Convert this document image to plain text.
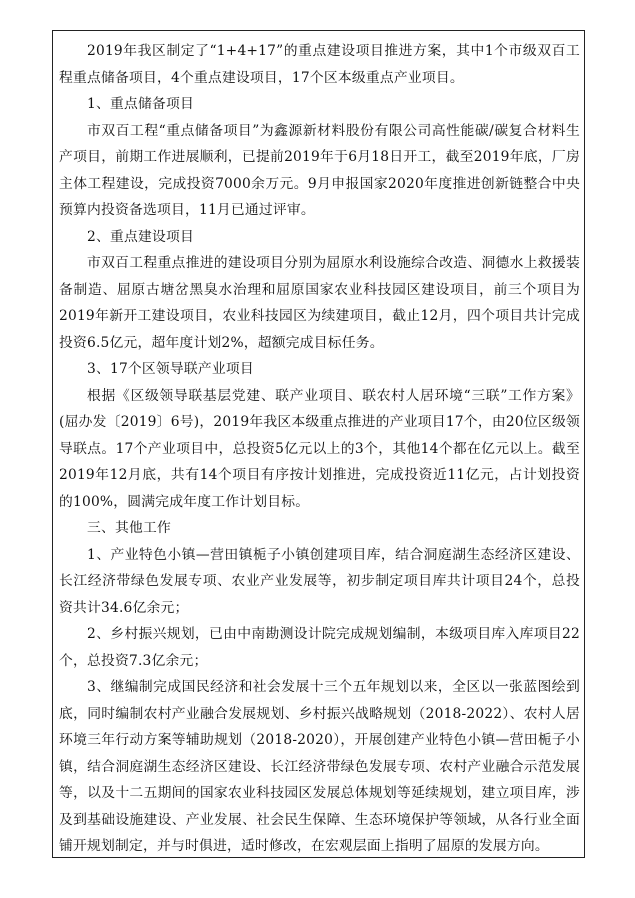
2019年我区制定了“1+4+17”的重点建设项目推进方案，其中1个市级双百工程重点储备项目，4个重点建设项目，17个区本级重点产业项目。

1、重点储备项目

市双百工程“重点储备项目”为鑫源新材料股份有限公司高性能碳/碳复合材料生产项目，前期工作进展顺利，已提前2019年于6月18日开工，截至2019年底，厂房主体工程建设，完成投资7000余万元。9月申报国家2020年度推进创新链整合中央预算内投资备选项目，11月已通过评审。

2、重点建设项目

市双百工程重点推进的建设项目分别为屈原水利设施综合改造、洞德水上救援装备制造、屈原古塘岔黑臭水治理和屈原国家农业科技园区建设项目，前三个项目为2019年新开工建设项目，农业科技园区为续建项目，截止12月，四个项目共计完成投资6.5亿元，超年度计划2%，超额完成目标任务。

3、17个区领导联产业项目

根据《区级领导联基层党建、联产业项目、联农村人居环境“三联”工作方案》(屈办发〔2019〕6号)，2019年我区本级重点推进的产业项目17个，由20位区级领导联点。17个产业项目中，总投资5亿元以上的3个，其他14个都在亿元以上。截至2019年12月底，共有14个项目有序按计划推进，完成投资近11亿元，占计划投资的100%，圆满完成年度工作计划目标。

三、其他工作

1、产业特色小镇—营田镇栀子小镇创建项目库，结合洞庭湖生态经济区建设、长江经济带绿色发展专项、农业产业发展等，初步制定项目库共计项目24个，总投资共计34.6亿余元；

2、乡村振兴规划，已由中南勘测设计院完成规划编制，本级项目库入库项目22个，总投资7.3亿余元；

3、继编制完成国民经济和社会发展十三个五年规划以来，全区以一张蓝图绘到底，同时编制农村产业融合发展规划、乡村振兴战略规划（2018-2022）、农村人居环境三年行动方案等辅助规划（2018-2020），开展创建产业特色小镇—营田栀子小镇，结合洞庭湖生态经济区建设、长江经济带绿色发展专项、农村产业融合示范发展等，以及十二五期间的国家农业科技园区发展总体规划等延续规划，建立项目库，涉及到基础设施建设、产业发展、社会民生保障、生态环境保护等领域，从各行业全面铺开规划制定，并与时俱进，适时修改，在宏观层面上指明了屈原的发展方向。
